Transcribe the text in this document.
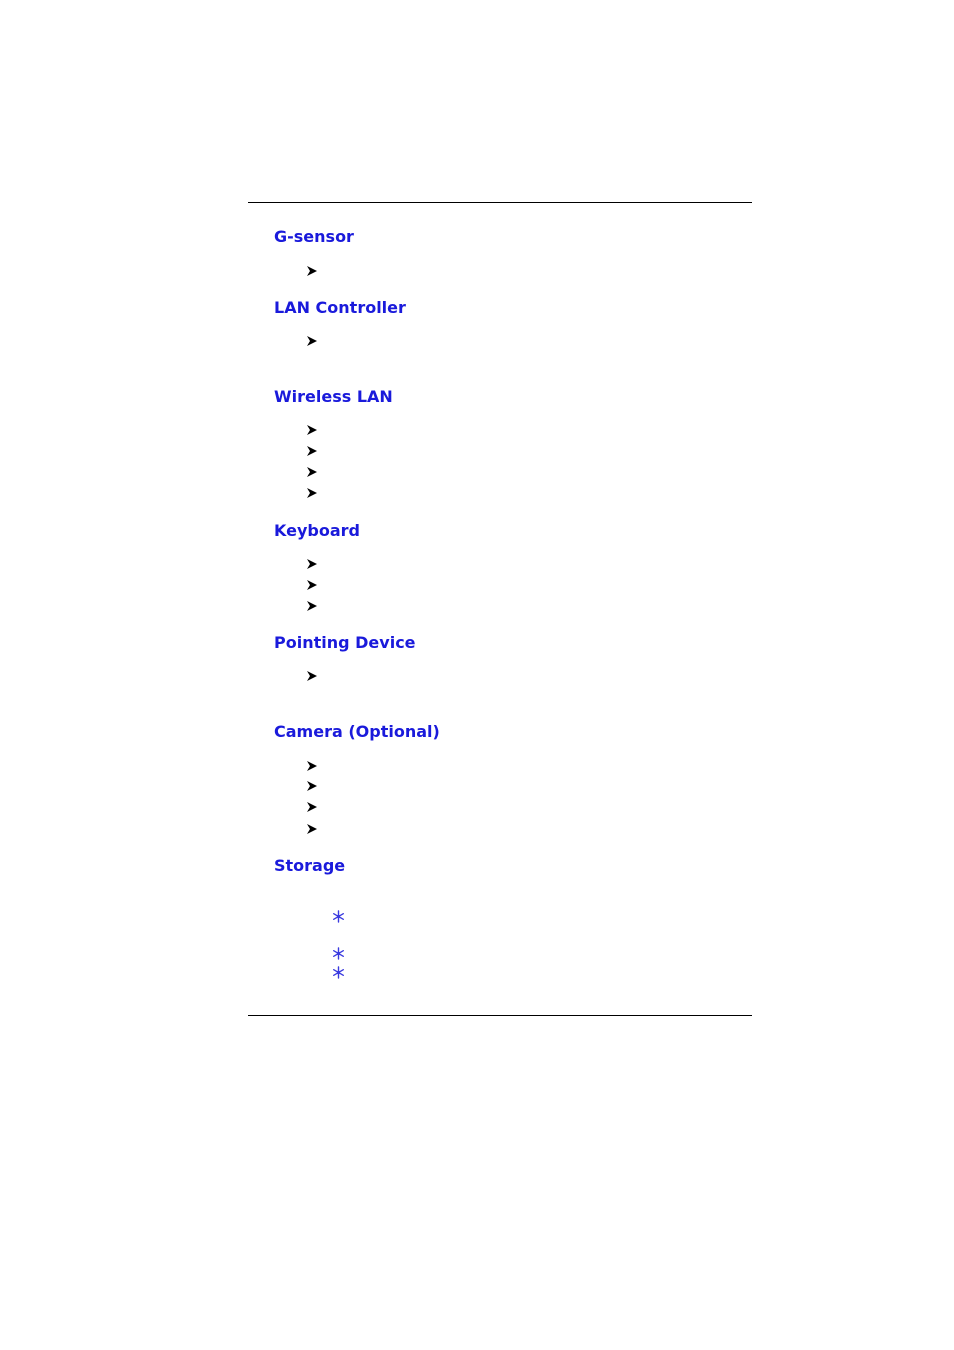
G-sensor
LAN Controller
Wireless LAN
Keyboard
Pointing Device
Camera (Optional)
Storage
